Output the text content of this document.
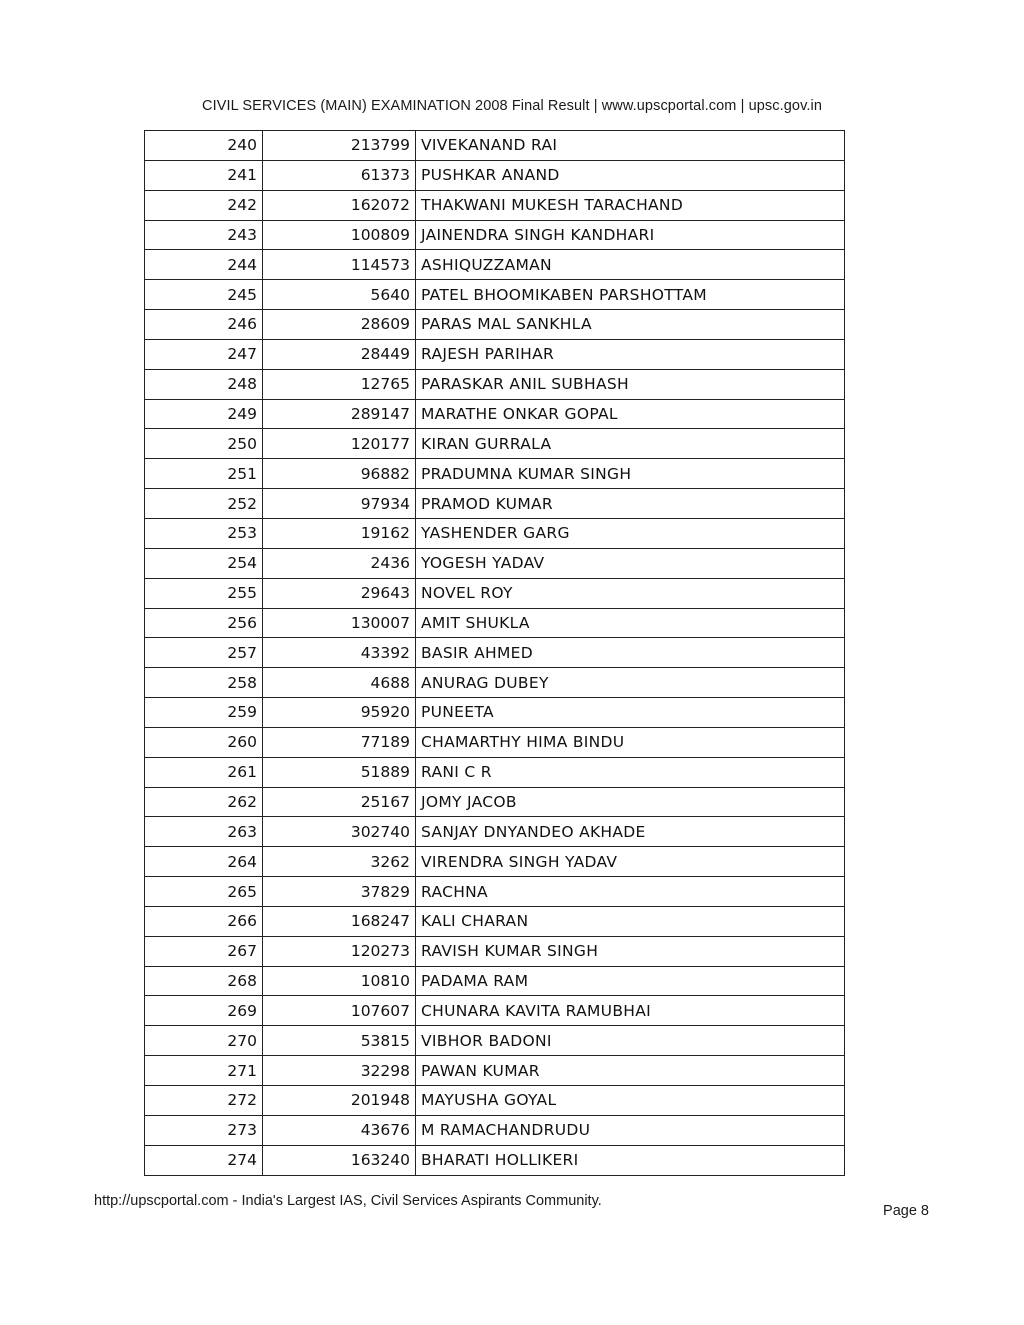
CIVIL SERVICES (MAIN) EXAMINATION 2008 Final Result | www.upscportal.com | upsc.gov.in
240	213799	VIVEKANAND RAI
241	61373	PUSHKAR ANAND
242	162072	THAKWANI MUKESH TARACHAND
243	100809	JAINENDRA SINGH KANDHARI
244	114573	ASHIQUZZAMAN
245	5640	PATEL BHOOMIKABEN PARSHOTTAM
246	28609	PARAS MAL SANKHLA
247	28449	RAJESH PARIHAR
248	12765	PARASKAR ANIL SUBHASH
249	289147	MARATHE ONKAR GOPAL
250	120177	KIRAN GURRALA
251	96882	PRADUMNA KUMAR SINGH
252	97934	PRAMOD KUMAR
253	19162	YASHENDER GARG
254	2436	YOGESH YADAV
255	29643	NOVEL ROY
256	130007	AMIT SHUKLA
257	43392	BASIR AHMED
258	4688	ANURAG DUBEY
259	95920	PUNEETA
260	77189	CHAMARTHY HIMA BINDU
261	51889	RANI C R
262	25167	JOMY JACOB
263	302740	SANJAY DNYANDEO AKHADE
264	3262	VIRENDRA SINGH YADAV
265	37829	RACHNA
266	168247	KALI CHARAN
267	120273	RAVISH KUMAR SINGH
268	10810	PADAMA RAM
269	107607	CHUNARA KAVITA RAMUBHAI
270	53815	VIBHOR BADONI
271	32298	PAWAN KUMAR
272	201948	MAYUSHA GOYAL
273	43676	M RAMACHANDRUDU
274	163240	BHARATI HOLLIKERI
http://upscportal.com - India's Largest IAS, Civil Services Aspirants Community.
Page 8
